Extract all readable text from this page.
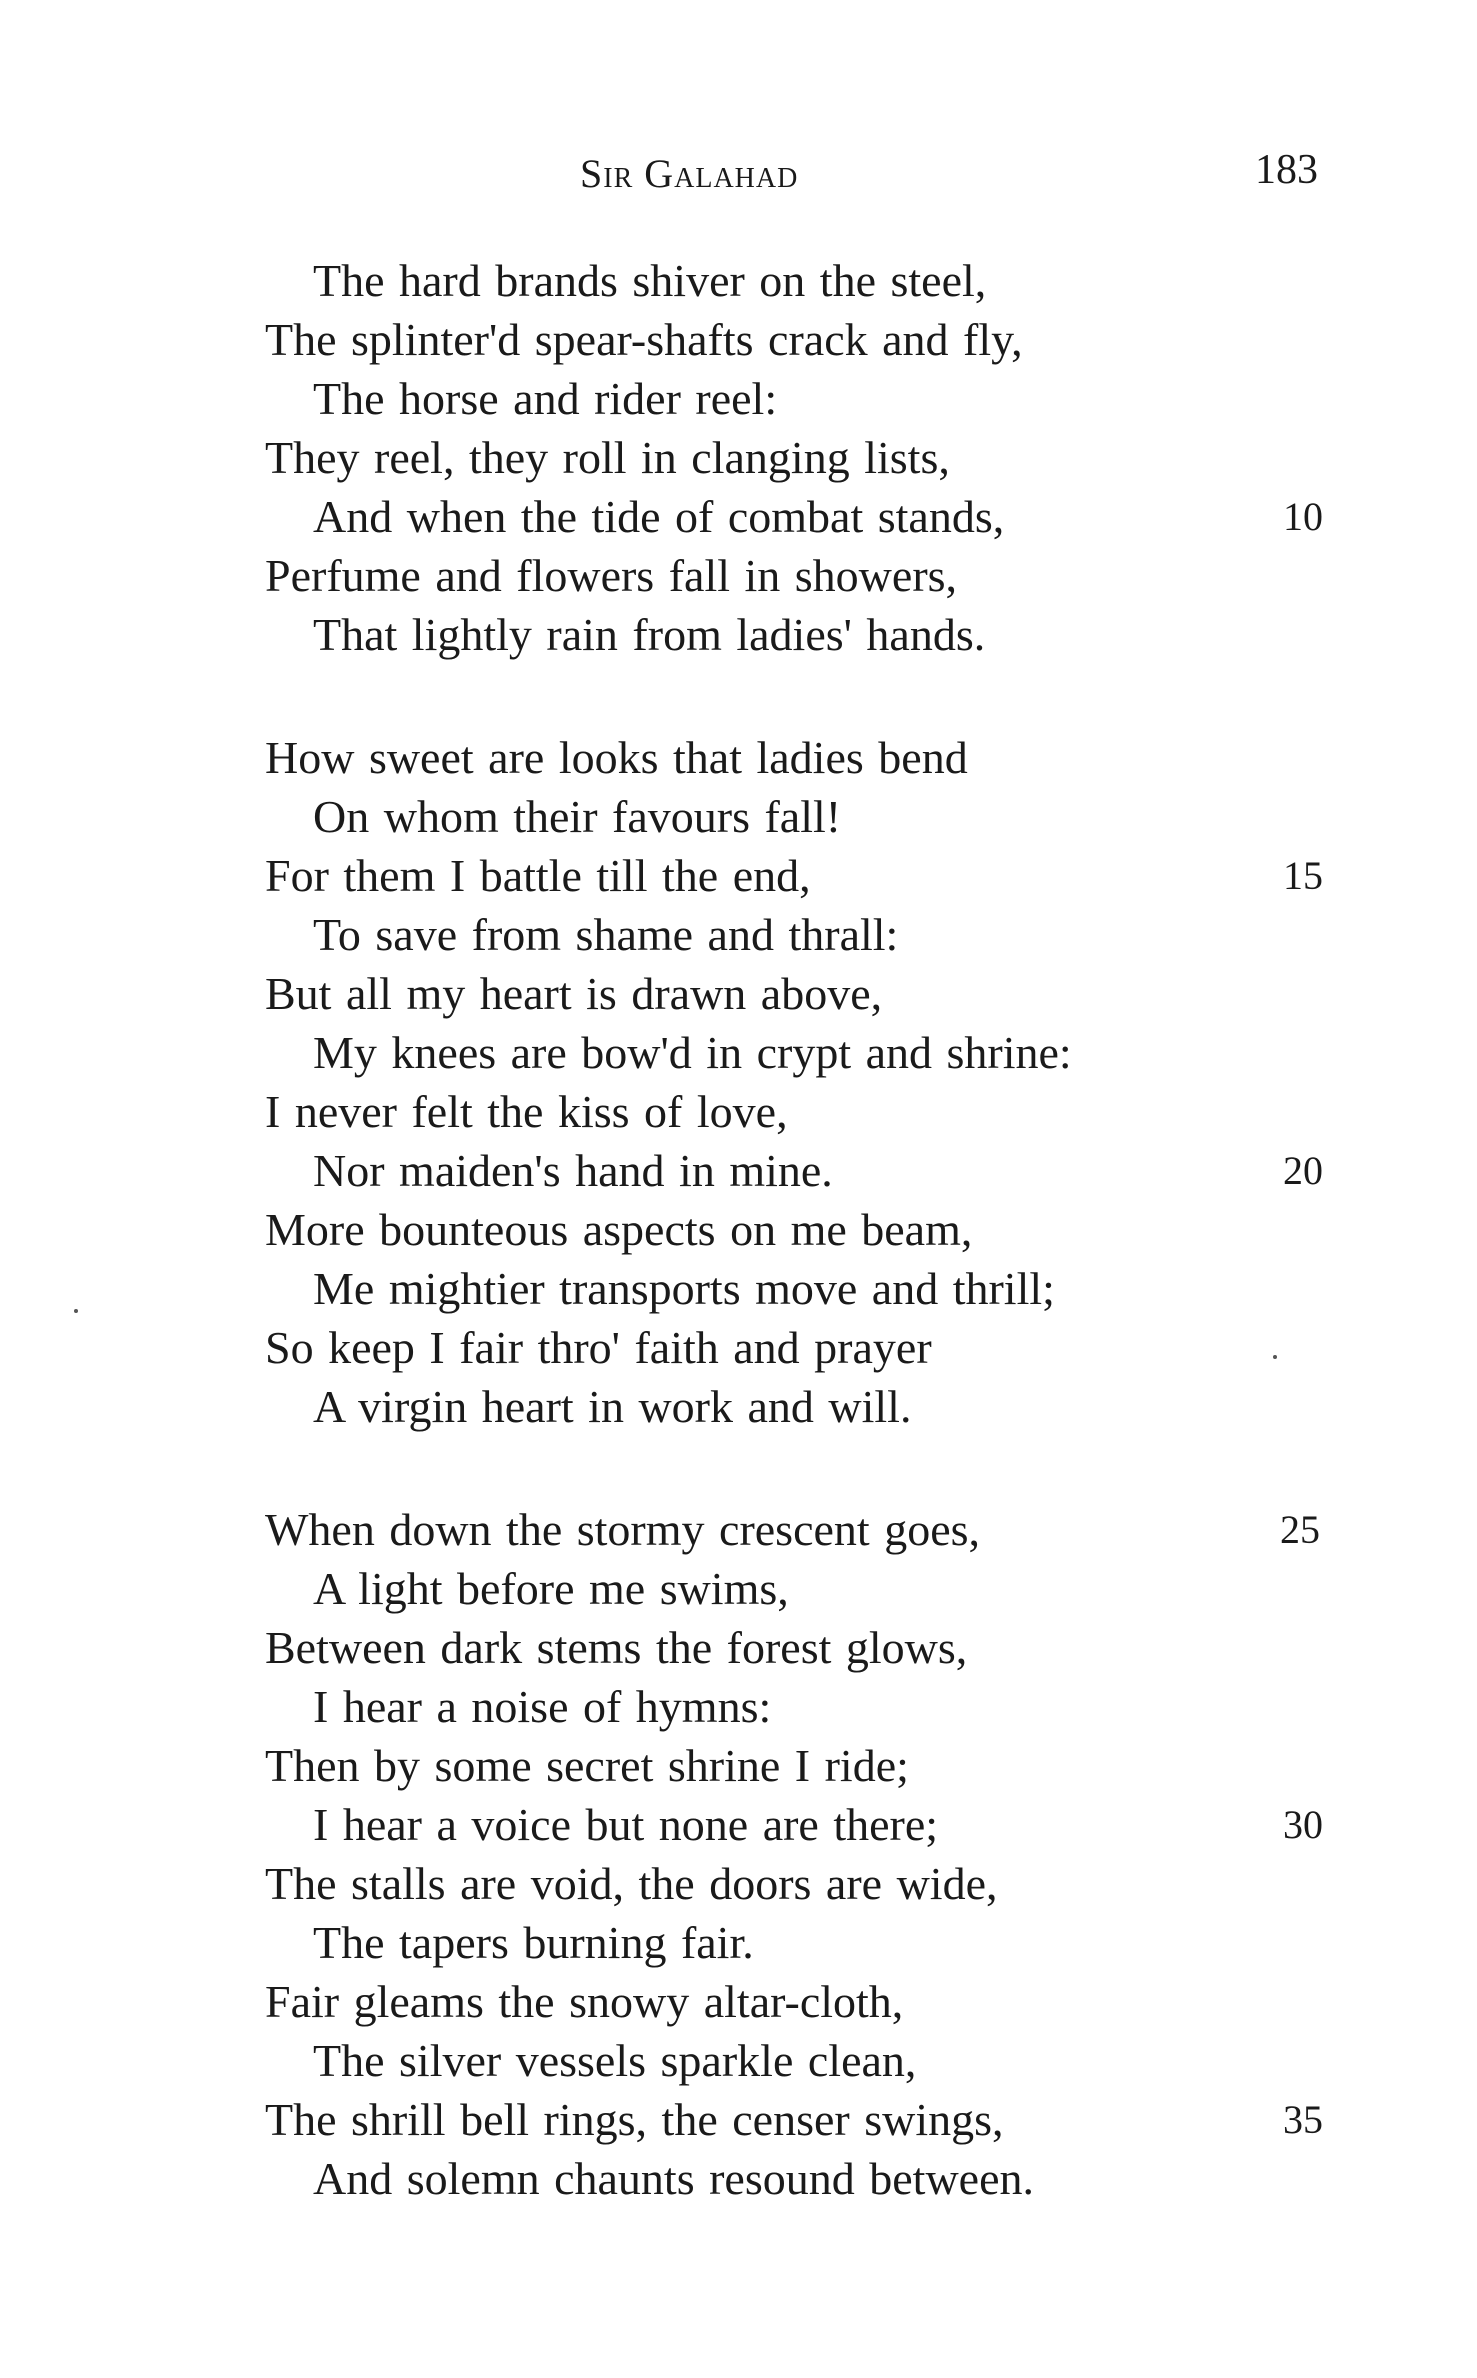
Sir Galahad	183
The hard brands shiver on the steel,
The splinter'd spear-shafts crack and fly,
The horse and rider reel:
They reel, they roll in clanging lists,
And when the tide of combat stands,	10
Perfume and flowers fall in showers,
That lightly rain from ladies' hands.
How sweet are looks that ladies bend
On whom their favours fall!
For them I battle till the end,	15
To save from shame and thrall:
But all my heart is drawn above,
My knees are bow'd in crypt and shrine:
I never felt the kiss of love,
Nor maiden's hand in mine.	20
More bounteous aspects on me beam,
Me mightier transports move and thrill;
So keep I fair thro' faith and prayer
A virgin heart in work and will.
When down the stormy crescent goes,	25
A light before me swims,
Between dark stems the forest glows,
I hear a noise of hymns:
Then by some secret shrine I ride;
I hear a voice but none are there;	30
The stalls are void, the doors are wide,
The tapers burning fair.
Fair gleams the snowy altar-cloth,
The silver vessels sparkle clean,
The shrill bell rings, the censer swings,	35
And solemn chaunts resound between.
